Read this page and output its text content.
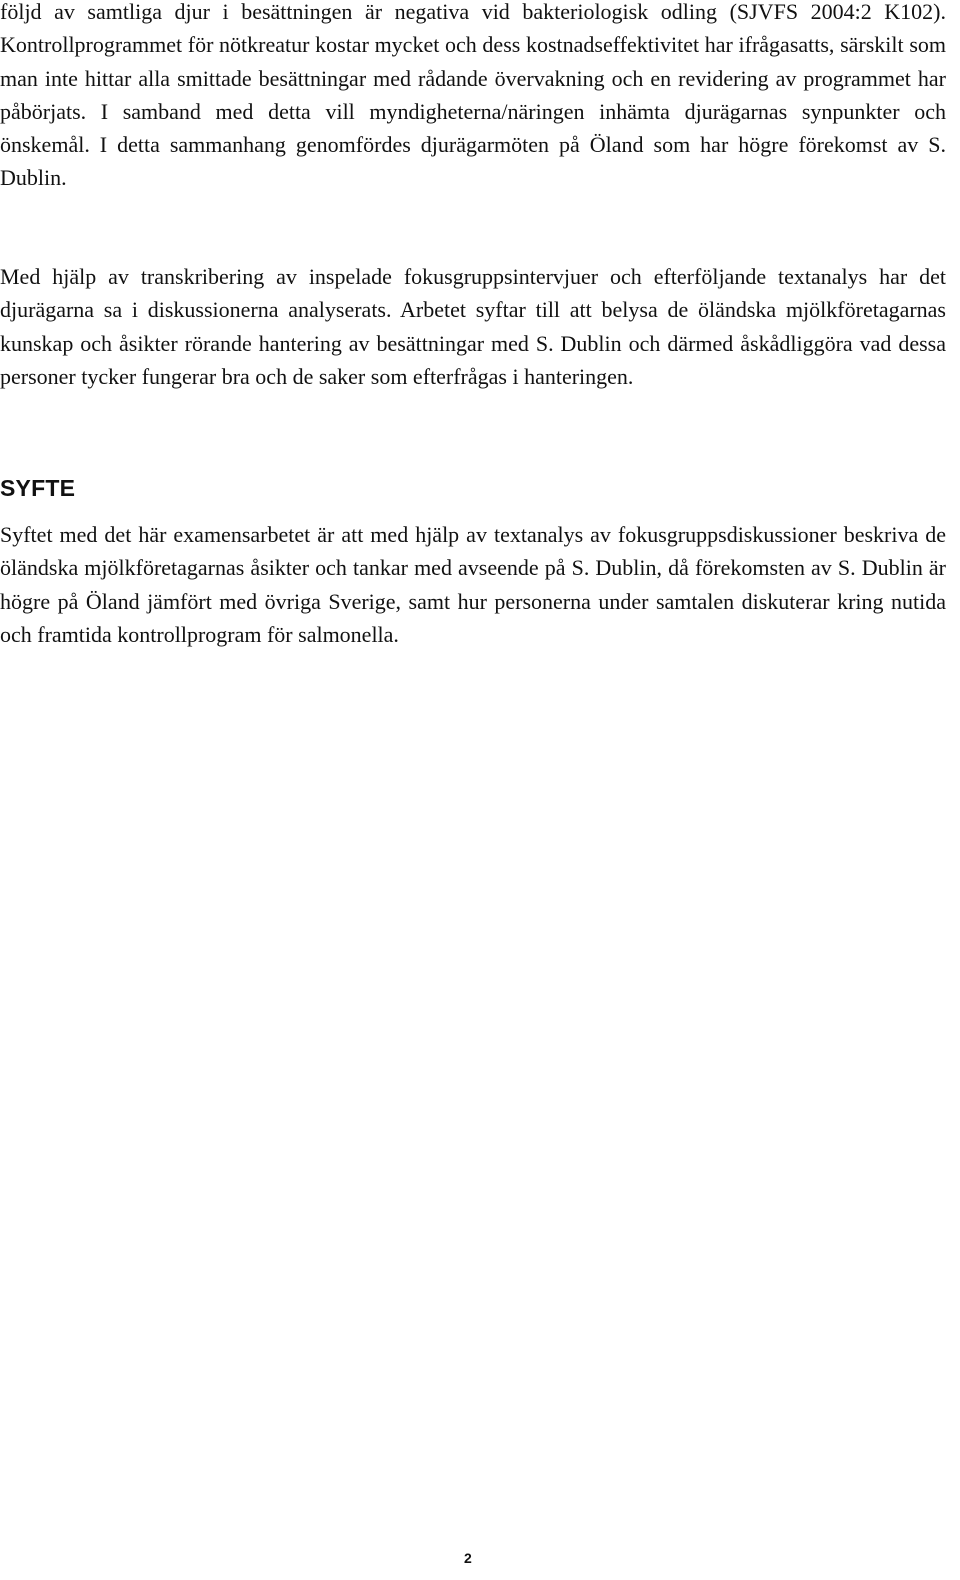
följd av samtliga djur i besättningen är negativa vid bakteriologisk odling (SJVFS 2004:2 K102). Kontrollprogrammet för nötkreatur kostar mycket och dess kostnadseffektivitet har ifrågasatts, särskilt som man inte hittar alla smittade besättningar med rådande övervakning och en revidering av programmet har påbörjats. I samband med detta vill myndigheterna/näringen inhämta djurägarnas synpunkter och önskemål. I detta sammanhang genomfördes djurägarmöten på Öland som har högre förekomst av S. Dublin.

Med hjälp av transkribering av inspelade fokusgruppsintervjuer och efterföljande textanalys har det djurägarna sa i diskussionerna analyserats. Arbetet syftar till att belysa de öländska mjölkföretagarnas kunskap och åsikter rörande hantering av besättningar med S. Dublin och därmed åskådliggöra vad dessa personer tycker fungerar bra och de saker som efterfrågas i hanteringen.

SYFTE

Syftet med det här examensarbetet är att med hjälp av textanalys av fokusgruppsdiskussioner beskriva de öländska mjölkföretagarnas åsikter och tankar med avseende på S. Dublin, då förekomsten av S. Dublin är högre på Öland jämfört med övriga Sverige, samt hur personerna under samtalen diskuterar kring nutida och framtida kontrollprogram för salmonella.

2
